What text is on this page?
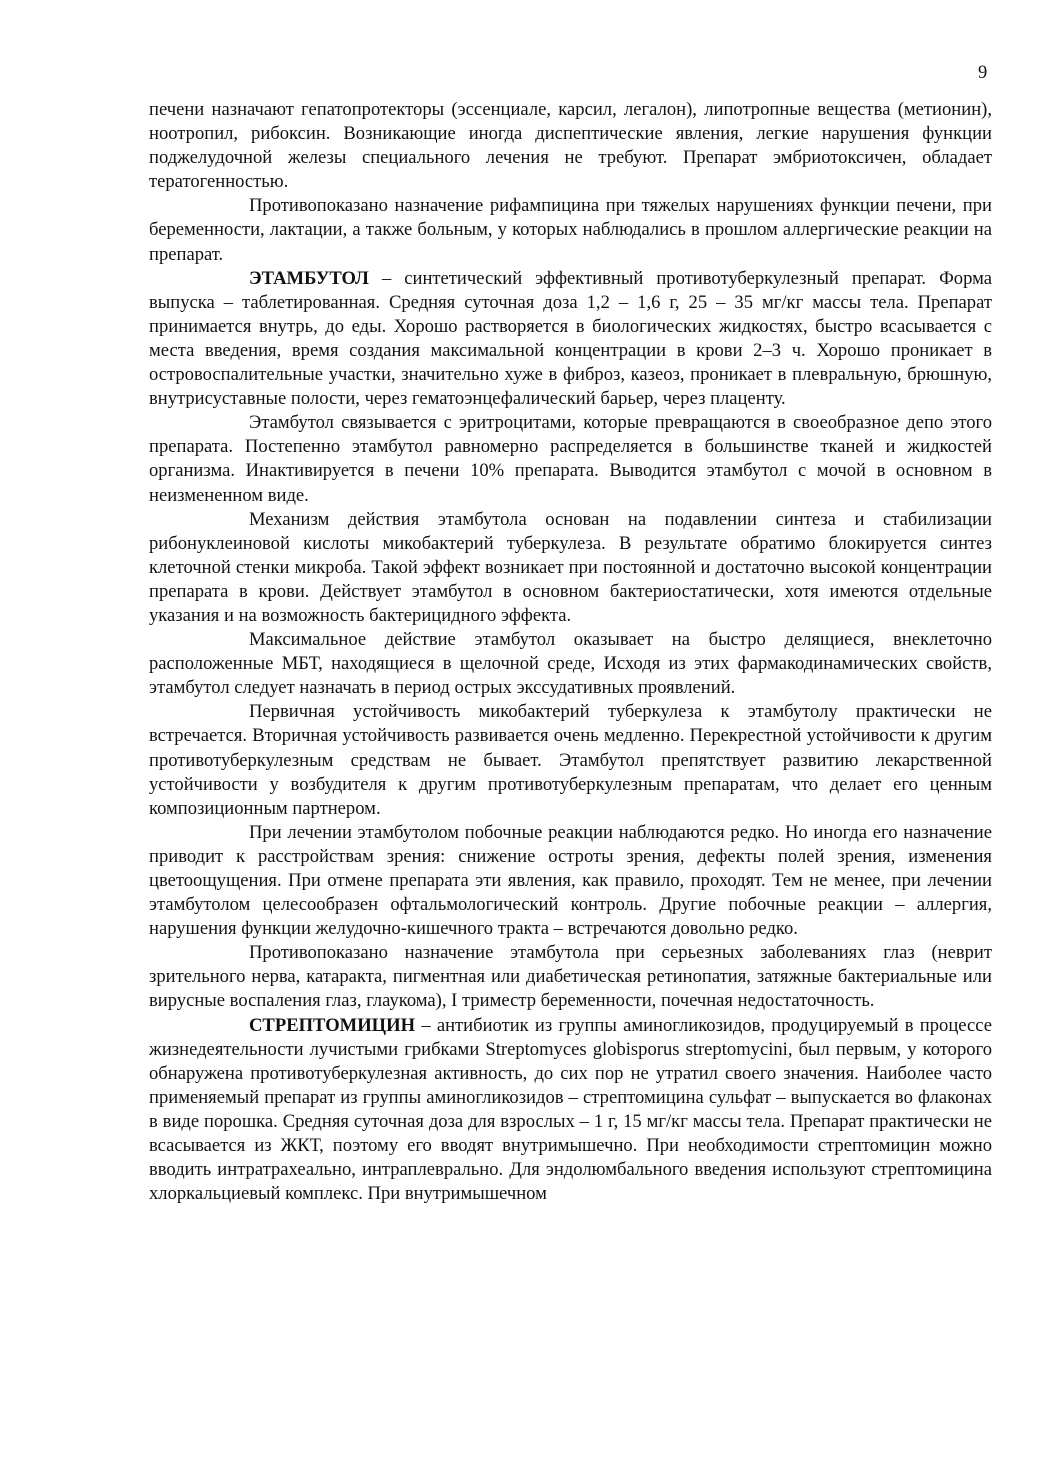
9

печени назначают гепатопротекторы (эссенциале, карсил, легалон), липотропные вещества (метионин), ноотропил, рибоксин. Возникающие иногда диспептические явления, легкие нарушения функции поджелудочной железы специального лечения не требуют. Препарат эмбриотоксичен, обладает тератогенностью.

Противопоказано назначение рифампицина при тяжелых нарушениях функции печени, при беременности, лактации, а также больным, у которых наблюдались в прошлом аллергические реакции на препарат.

ЭТАМБУТОЛ – синтетический эффективный противотуберкулезный препарат. Форма выпуска – таблетированная. Средняя суточная доза 1,2 – 1,6 г, 25 – 35 мг/кг массы тела. Препарат принимается внутрь, до еды. Хорошо растворяется в биологических жидкостях, быстро всасывается с места введения, время создания максимальной концентрации в крови 2–3 ч. Хорошо проникает в островоспалительные участки, значительно хуже в фиброз, казеоз, проникает в плевральную, брюшную, внутрисуставные полости, через гематоэнцефалический барьер, через плаценту.

Этамбутол связывается с эритроцитами, которые превращаются в своеобразное депо этого препарата. Постепенно этамбутол равномерно распределяется в большинстве тканей и жидкостей организма. Инактивируется в печени 10% препарата. Выводится этамбутол с мочой в основном в неизмененном виде.

Механизм действия этамбутола основан на подавлении синтеза и стабилизации рибонуклеиновой кислоты микобактерий туберкулеза. В результате обратимо блокируется синтез клеточной стенки микроба. Такой эффект возникает при постоянной и достаточно высокой концентрации препарата в крови. Действует этамбутол в основном бактериостатически, хотя имеются отдельные указания и на возможность бактерицидного эффекта.

Максимальное действие этамбутол оказывает на быстро делящиеся, внеклеточно расположенные МБТ, находящиеся в щелочной среде, Исходя из этих фармакодинамических свойств, этамбутол следует назначать в период острых экссудативных проявлений.

Первичная устойчивость микобактерий туберкулеза к этамбутолу практически не встречается. Вторичная устойчивость развивается очень медленно. Перекрестной устойчивости к другим противотуберкулезным средствам не бывает. Этамбутол препятствует развитию лекарственной устойчивости у возбудителя к другим противотуберкулезным препаратам, что делает его ценным композиционным партнером.

При лечении этамбутолом побочные реакции наблюдаются редко. Но иногда его назначение приводит к расстройствам зрения: снижение остроты зрения, дефекты полей зрения, изменения цветоощущения. При отмене препарата эти явления, как правило, проходят. Тем не менее, при лечении этамбутолом целесообразен офтальмологический контроль. Другие побочные реакции – аллергия, нарушения функции желудочно-кишечного тракта – встречаются довольно редко.

Противопоказано назначение этамбутола при серьезных заболеваниях глаз (неврит зрительного нерва, катаракта, пигментная или диабетическая ретинопатия, затяжные бактериальные или вирусные воспаления глаз, глаукома), I триместр беременности, почечная недостаточность.

СТРЕПТОМИЦИН – антибиотик из группы аминогликозидов, продуцируемый в процессе жизнедеятельности лучистыми грибками Streptomyces globisporus streptomycini, был первым, у которого обнаружена противотуберкулезная активность, до сих пор не утратил своего значения. Наиболее часто применяемый препарат из группы аминогликозидов – стрептомицина сульфат – выпускается во флаконах в виде порошка. Средняя суточная доза для взрослых – 1 г, 15 мг/кг массы тела. Препарат практически не всасывается из ЖКТ, поэтому его вводят внутримышечно. При необходимости стрептомицин можно вводить интратрахеально, интраплеврально. Для эндолюмбального введения используют стрептомицина хлоркальциевый комплекс. При внутримышечном
